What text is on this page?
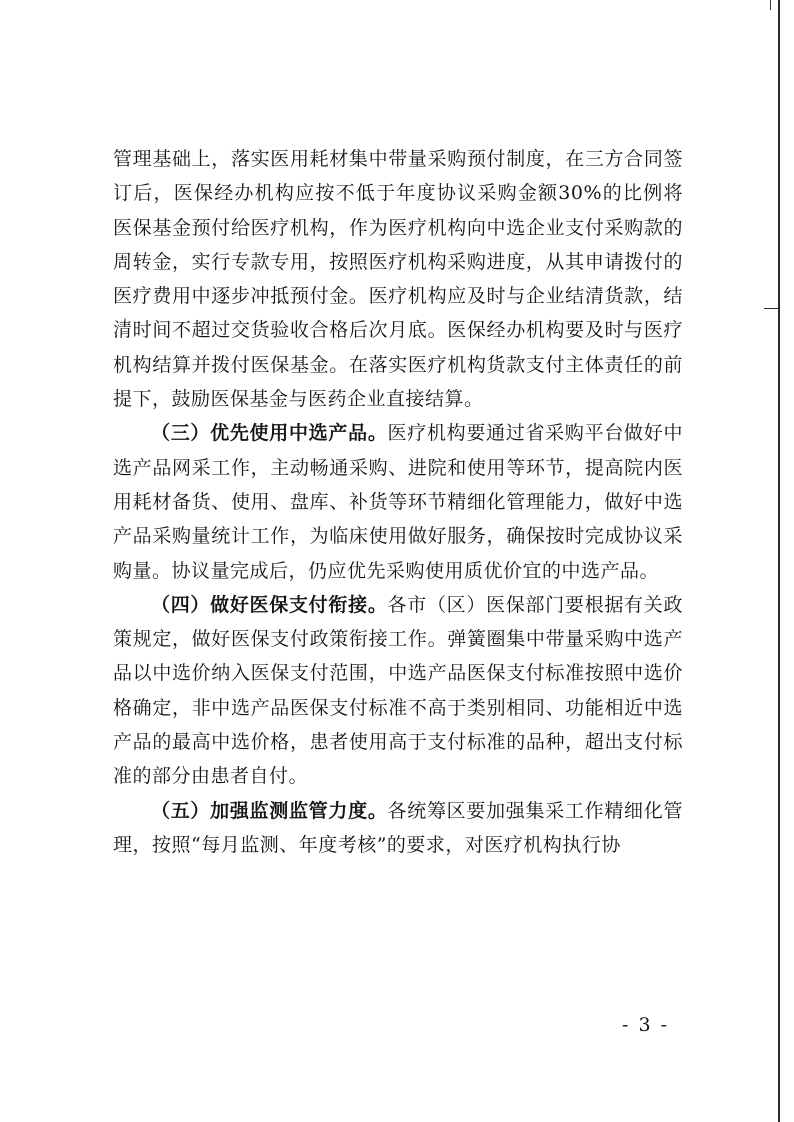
管理基础上，落实医用耗材集中带量采购预付制度，在三方合同签订后，医保经办机构应按不低于年度协议采购金额30%的比例将医保基金预付给医疗机构，作为医疗机构向中选企业支付采购款的周转金，实行专款专用，按照医疗机构采购进度，从其申请拨付的医疗费用中逐步冲抵预付金。医疗机构应及时与企业结清货款，结清时间不超过交货验收合格后次月底。医保经办机构要及时与医疗机构结算并拨付医保基金。在落实医疗机构货款支付主体责任的前提下，鼓励医保基金与医药企业直接结算。

（三）优先使用中选产品。医疗机构要通过省采购平台做好中选产品网采工作，主动畅通采购、进院和使用等环节，提高院内医用耗材备货、使用、盘库、补货等环节精细化管理能力，做好中选产品采购量统计工作，为临床使用做好服务，确保按时完成协议采购量。协议量完成后，仍应优先采购使用质优价宜的中选产品。

（四）做好医保支付衔接。各市（区）医保部门要根据有关政策规定，做好医保支付政策衔接工作。弹簧圈集中带量采购中选产品以中选价纳入医保支付范围，中选产品医保支付标准按照中选价格确定，非中选产品医保支付标准不高于类别相同、功能相近中选产品的最高中选价格，患者使用高于支付标准的品种，超出支付标准的部分由患者自付。

（五）加强监测监管力度。各统筹区要加强集采工作精细化管理，按照“每月监测、年度考核”的要求，对医疗机构执行协

- 3 -
